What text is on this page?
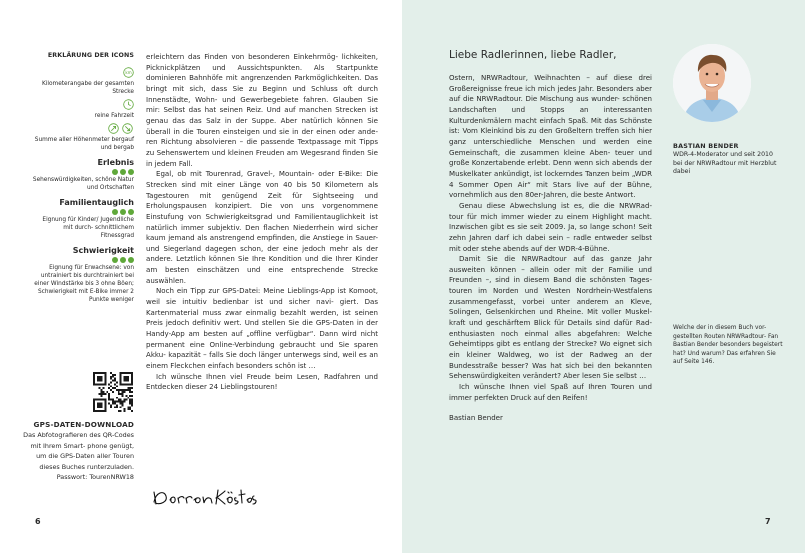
ERKLÄRUNG DER ICONS
km
Kilometerangabe der gesamten Strecke
reine Fahrzeit
Summe aller Höhenmeter bergauf und bergab
Erlebnis
Sehenswürdigkeiten, schöne Natur und Ortschaften
Familientauglich
Eignung für Kinder/ Jugendliche mit durch- schnittlichem Fitnessgrad
Schwierigkeit
Eignung für Erwachsene: von untrainiert bis durchtrainiert bei einer Windstärke bis 3 ohne Böen; Schwierigkeit mit E-Bike immer 2 Punkte weniger
GPS-DATEN-DOWNLOAD
Das Abfotografieren des QR-Codes mit Ihrem Smart- phone genügt, um die GPS-Daten aller Touren dieses Buches runterzuladen. Passwort: TourenNRW18

erleichtern das Finden von besonderen Einkehrmög- lichkeiten, Picknickplätzen und Aussichtspunkten. Als Startpunkte dominieren Bahnhöfe mit angrenzenden Parkmöglichkeiten. Das bringt mit sich, dass Sie zu Beginn und Schluss oft durch Innenstädte, Wohn- und Gewerbegebiete fahren. Glauben Sie mir: Selbst das hat seinen Reiz. Und auf manchen Strecken ist genau das das Salz in der Suppe. Aber natürlich können Sie überall in die Touren einsteigen und sie in der einen oder ande- ren Richtung absolvieren – die passende Textpassage mit Tipps zu Sehenswertem und kleinen Freuden am Wegesrand finden Sie in jedem Fall.

Egal, ob mit Tourenrad, Gravel-, Mountain- oder E-Bike: Die Strecken sind mit einer Länge von 40 bis 50 Kilometern als Tagestouren mit genügend Zeit für Sightseeing und Erholungspausen konzipiert. Die von uns vorgenommene Einstufung von Schwierigkeitsgrad und Familientauglichkeit ist natürlich immer subjektiv. Den flachen Niederrhein wird sicher kaum jemand als anstrengend empfinden, die Anstiege in Sauer- und Siegerland dagegen schon, der eine jedoch mehr als der andere. Letztlich können Sie Ihre Kondition und die Ihrer Kinder am besten einschätzen und eine entsprechende Strecke auswählen.

Noch ein Tipp zur GPS-Datei: Meine Lieblings-App ist Komoot, weil sie intuitiv bedienbar ist und sicher navi- giert. Das Kartenmaterial muss zwar einmalig bezahlt werden, ist seinen Preis jedoch definitiv wert. Und stellen Sie die GPS-Daten in der Handy-App am besten auf „offline verfügbar“. Dann wird nicht permanent eine Online-Verbindung gebraucht und Sie sparen Akku- kapazität – falls Sie doch länger unterwegs sind, weil es an einem Fleckchen einfach besonders schön ist …

Ich wünsche Ihnen viel Freude beim Lesen, Radfahren und Entdecken dieser 24 Lieblingstouren!

6
Liebe Radlerinnen, liebe Radler,

Ostern, NRWRadtour, Weihnachten – auf diese drei Großereignisse freue ich mich jedes Jahr. Besonders aber auf die NRWRadtour. Die Mischung aus wunder- schönen Landschaften und Stopps an interessanten Kulturdenkmälern macht einfach Spaß. Mit das Schönste ist: Vom Kleinkind bis zu den Großeltern treffen sich hier ganz unterschiedliche Menschen und werden eine Gemeinschaft, die zusammen kleine Aben- teuer und große Konzertabende erlebt. Denn wenn sich abends der Muskelkater ankündigt, ist lockerndes Tanzen beim „WDR 4 Sommer Open Air“ mit Stars live auf der Bühne, vornehmlich aus den 80er-Jahren, die beste Antwort.

Genau diese Abwechslung ist es, die die NRWRad- tour für mich immer wieder zu einem Highlight macht. Inzwischen gibt es sie seit 2009. Ja, so lange schon! Seit zehn Jahren darf ich dabei sein – radle entweder selbst mit oder stehe abends auf der WDR-4-Bühne.

Damit Sie die NRWRadtour auf das ganze Jahr ausweiten können – allein oder mit der Familie und Freunden –, sind in diesem Band die schönsten Tages- touren im Norden und Westen Nordrhein-Westfalens zusammengefasst, vorbei unter anderem an Kleve, Solingen, Gelsenkirchen und Rheine. Mit voller Muskel- kraft und geschärftem Blick für Details sind dafür Rad- enthusiasten noch einmal alles abgefahren: Welche Geheimtipps gibt es entlang der Strecke? Wo eignet sich ein kleiner Waldweg, wo ist der Radweg an der Bundesstraße besser? Was hat sich bei den bekannten Sehenswürdigkeiten verändert? Aber lesen Sie selbst …

Ich wünsche Ihnen viel Spaß auf Ihren Touren und immer perfekten Druck auf den Reifen!

Bastian Bender

BASTIAN BENDER
WDR-4-Moderator und seit 2010 bei der NRWRadtour mit Herzblut dabei
Welche der in diesem Buch vor- gestellten Routen NRWRadtour- Fan Bastian Bender besonders begeistert hat? Und warum? Das erfahren Sie auf Seite 146.
7
